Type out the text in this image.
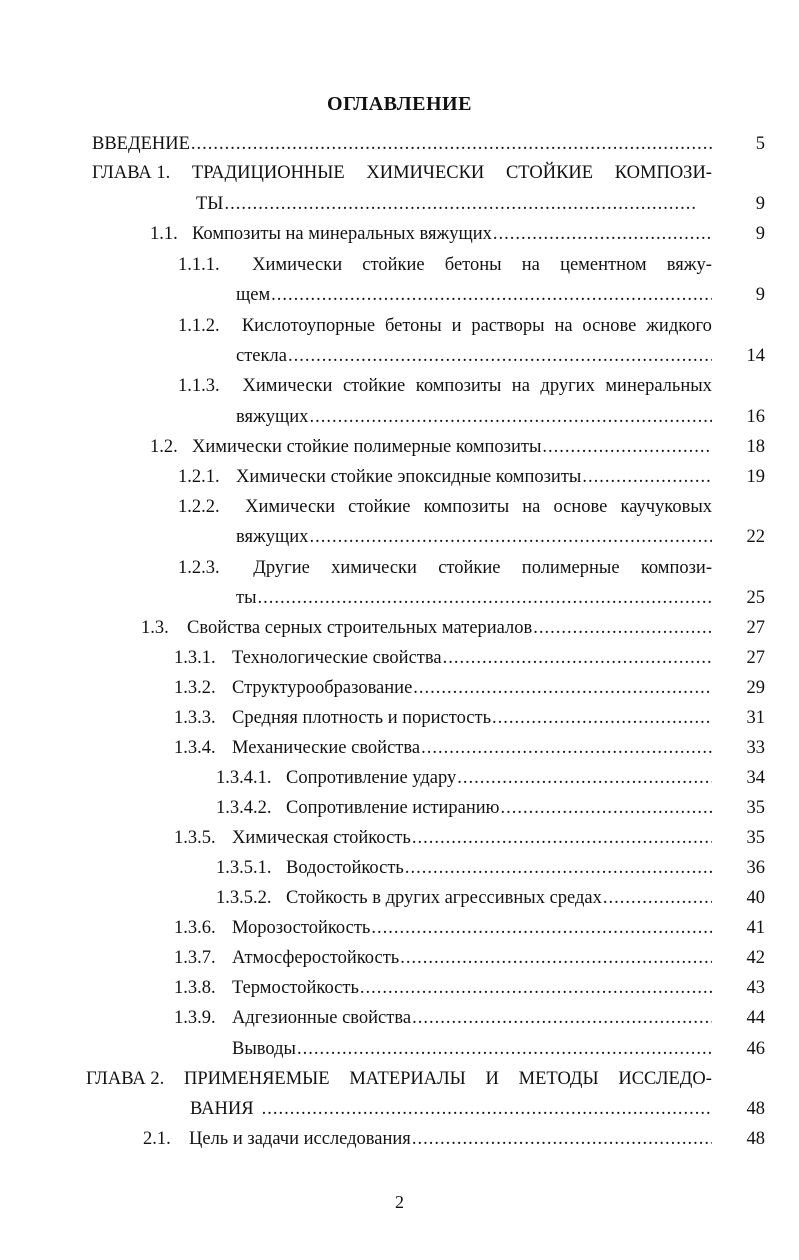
ОГЛАВЛЕНИЕ
ВВЕДЕНИЕ .....	5
ГЛАВА 1. ТРАДИЦИОННЫЕ ХИМИЧЕСКИ СТОЙКИЕ КОМПОЗИ-
ТЫ .....	9
1.1. Композиты на минеральных вяжущих .....	9
1.1.1.	Химически стойкие бетоны на цементном вяжу-
щем .....	9
1.1.2.	Кислотоупорные бетоны и растворы на основе жидкого
стекла .....	14
1.1.3.	Химически стойкие композиты на других минеральных
вяжущих .....	16
1.2. Химически стойкие полимерные композиты .....	18
1.2.1. Химически стойкие эпоксидные композиты .....	19
1.2.2.	Химически стойкие композиты на основе каучуковых
вяжущих .....	22
1.2.3.	Другие химически стойкие полимерные компози-
ты .....	25
1.3. Свойства серных строительных материалов .....	27
1.3.1. Технологические свойства .....	27
1.3.2. Структурообразование .....	29
1.3.3. Средняя плотность и пористость .....	31
1.3.4. Механические свойства .....	33
1.3.4.1. Сопротивление удару .....	34
1.3.4.2. Сопротивление истиранию .....	35
1.3.5. Химическая стойкость .....	35
1.3.5.1. Водостойкость .....	36
1.3.5.2. Стойкость в других агрессивных средах .....	40
1.3.6. Морозостойкость .....	41
1.3.7. Атмосферостойкость .....	42
1.3.8. Термостойкость .....	43
1.3.9. Адгезионные свойства .....	44
Выводы .....	46
ГЛАВА 2. ПРИМЕНЯЕМЫЕ МАТЕРИАЛЫ И МЕТОДЫ ИССЛЕДО-
ВАНИЯ .....	48
2.1. Цель и задачи исследования .....	48
2
